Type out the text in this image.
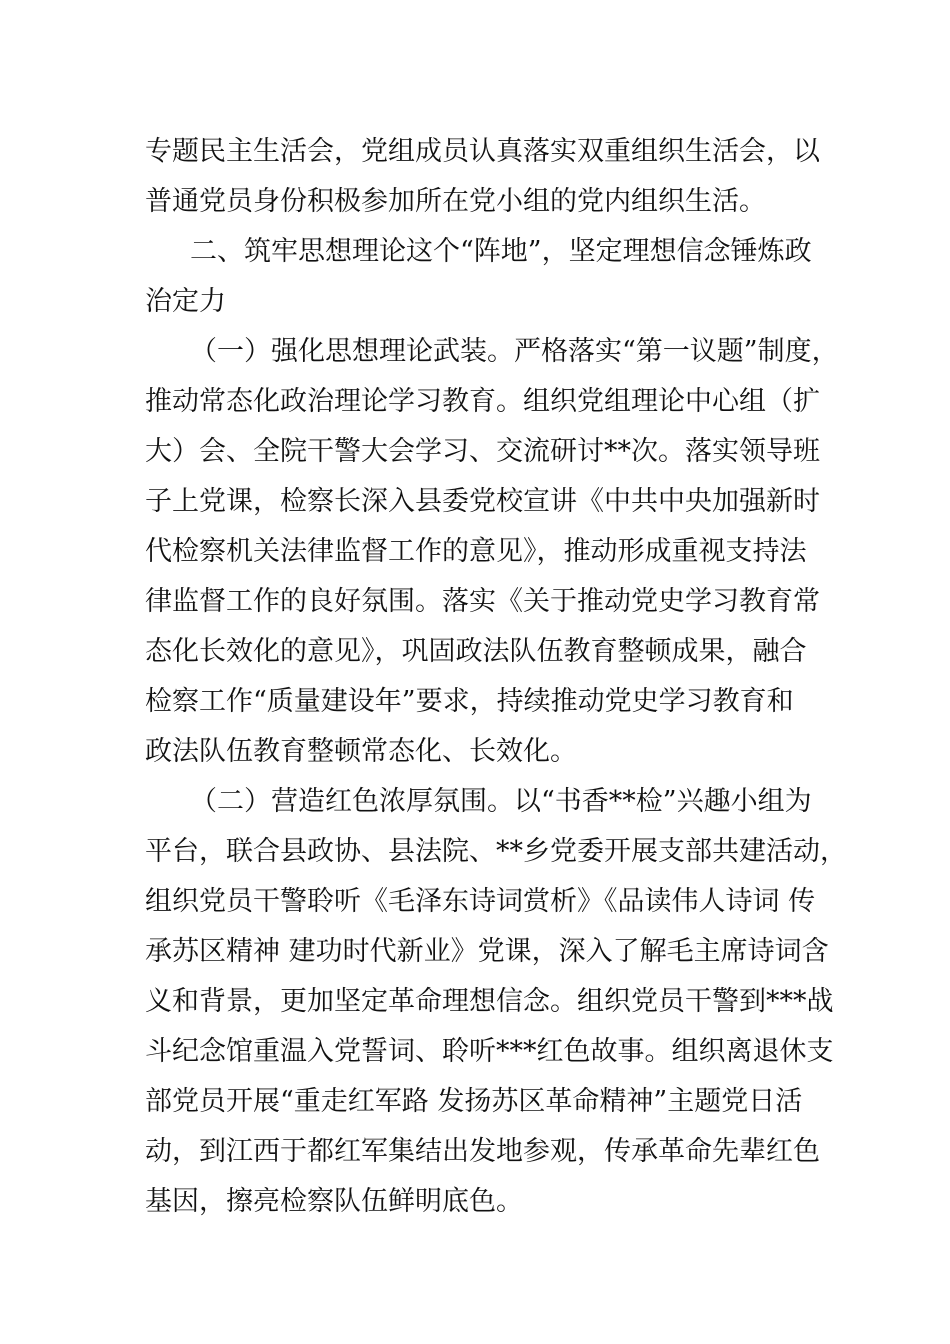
专题民主生活会，党组成员认真落实双重组织生活会，以
普通党员身份积极参加所在党小组的党内组织生活。
二、筑牢思想理论这个“阵地”，坚定理想信念锤炼政
治定力
（一）强化思想理论武装。严格落实“第一议题”制度，
推动常态化政治理论学习教育。组织党组理论中心组（扩
大）会、全院干警大会学习、交流研讨**次。落实领导班
子上党课，检察长深入县委党校宣讲《中共中央加强新时
代检察机关法律监督工作的意见》，推动形成重视支持法
律监督工作的良好氛围。落实《关于推动党史学习教育常
态化长效化的意见》，巩固政法队伍教育整顿成果，融合
检察工作“质量建设年”要求，持续推动党史学习教育和
政法队伍教育整顿常态化、长效化。
（二）营造红色浓厚氛围。以“书香**检”兴趣小组为
平台，联合县政协、县法院、**乡党委开展支部共建活动，
组织党员干警聆听《毛泽东诗词赏析》《品读伟人诗词 传
承苏区精神 建功时代新业》党课，深入了解毛主席诗词含
义和背景，更加坚定革命理想信念。组织党员干警到***战
斗纪念馆重温入党誓词、聆听***红色故事。组织离退休支
部党员开展“重走红军路 发扬苏区革命精神”主题党日活
动，到江西于都红军集结出发地参观，传承革命先辈红色
基因，擦亮检察队伍鲜明底色。
